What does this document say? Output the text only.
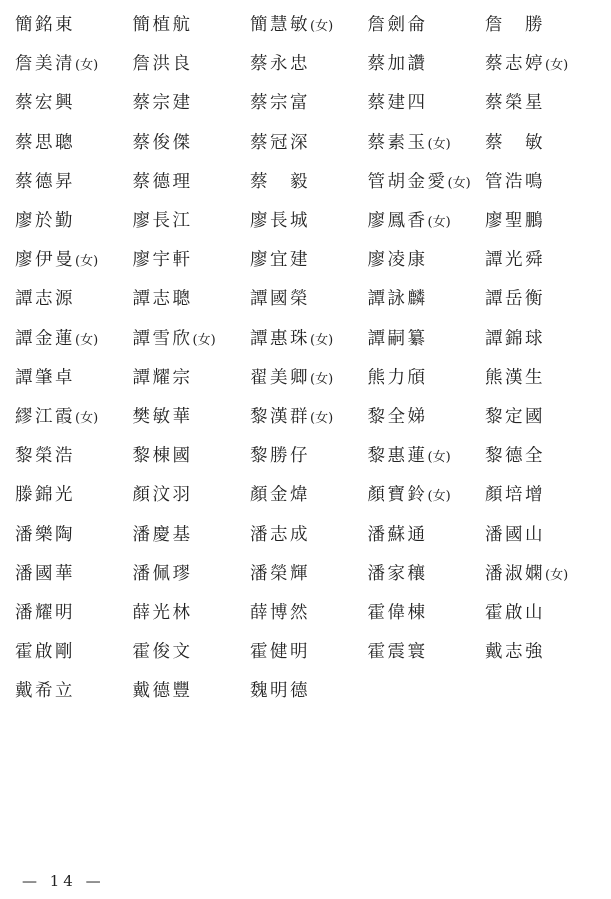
簡銘東	簡植航	簡慧敏(女)	詹劍侖	詹　勝
詹美清(女)	詹洪良	蔡永忠	蔡加讚	蔡志婷(女)
蔡宏興	蔡宗建	蔡宗富	蔡建四	蔡榮星
蔡思聰	蔡俊傑	蔡冠深	蔡素玉(女)	蔡　敏
蔡德昇	蔡德理	蔡　毅	管胡金愛(女) 管浩鳴
廖於勤	廖長江	廖長城	廖鳳香(女)	廖聖鵬
廖伊曼(女)	廖宇軒	廖宜建	廖凌康	譚光舜
譚志源	譚志聰	譚國榮	譚詠麟	譚岳衡
譚金蓮(女)	譚雪欣(女)	譚惠珠(女)	譚嗣纂	譚錦球
譚肇卓	譚耀宗	翟美卿(女)	熊力頎	熊漢生
繆江霞(女)	樊敏華	黎漢群(女)	黎全娣	黎定國
黎榮浩	黎棟國	黎勝仔	黎惠蓮(女)	黎德全
滕錦光	顏汶羽	顏金煒	顏寶鈴(女)	顏培增
潘樂陶	潘慶基	潘志成	潘蘇通	潘國山
潘國華	潘佩璆	潘榮輝	潘家穰	潘淑嫻(女)
潘耀明	薛光林	薛博然	霍偉棟	霍啟山
霍啟剛	霍俊文	霍健明	霍震寰	戴志強
戴希立	戴德豐	魏明德
— 14 —
